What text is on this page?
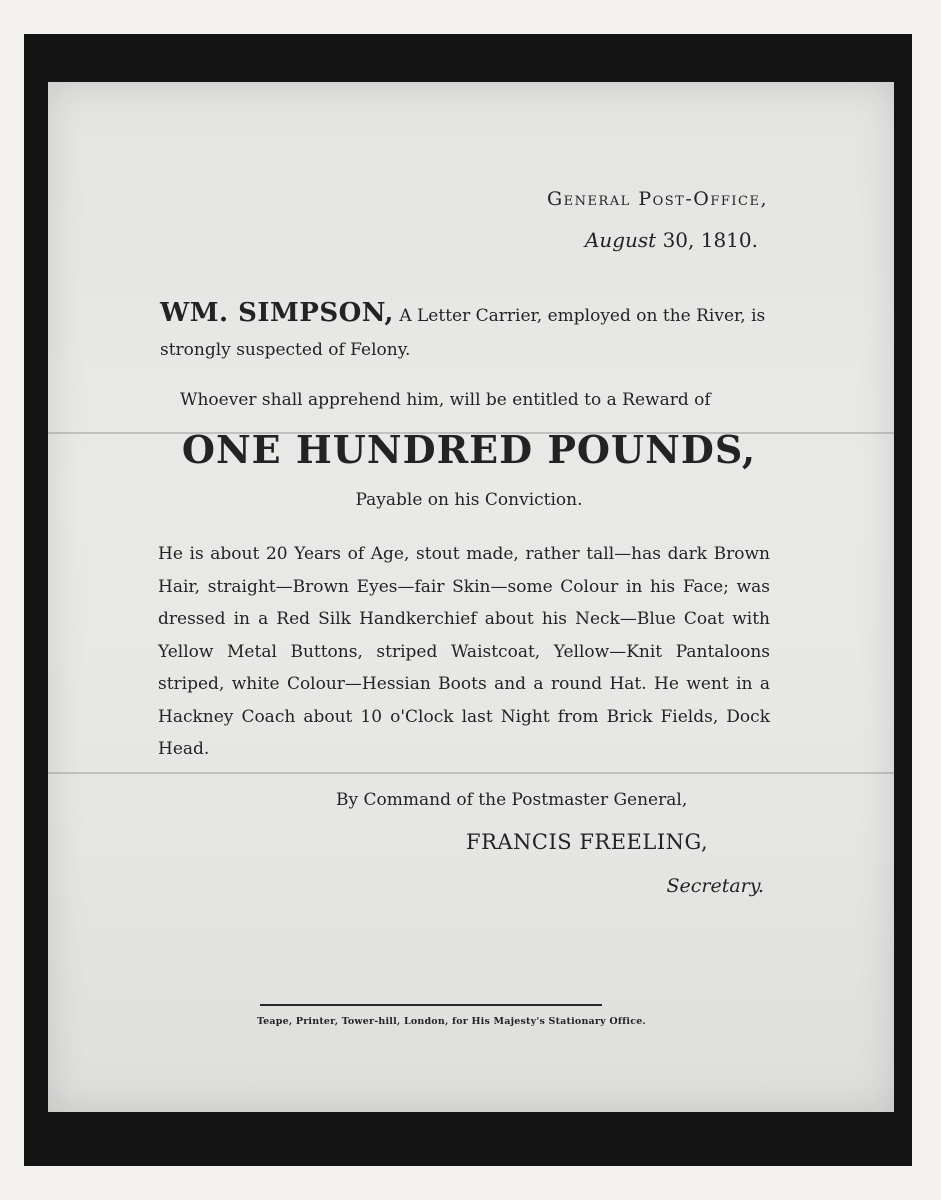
General Post-Office,
August 30, 1810.
WM. SIMPSON, A Letter Carrier, employed on the River, is strongly suspected of Felony.
Whoever shall apprehend him, will be entitled to a Reward of
ONE HUNDRED POUNDS,
Payable on his Conviction.
He is about 20 Years of Age, stout made, rather tall—has dark Brown Hair, straight—Brown Eyes—fair Skin—some Colour in his Face; was dressed in a Red Silk Handkerchief about his Neck—Blue Coat with Yellow Metal Buttons, striped Waistcoat, Yellow—Knit Pantaloons striped, white Colour—Hessian Boots and a round Hat. He went in a Hackney Coach about 10 o'Clock last Night from Brick Fields, Dock Head.
By Command of the Postmaster General,
FRANCIS FREELING,
Secretary.
Teape, Printer, Tower-hill, London, for His Majesty's Stationary Office.
